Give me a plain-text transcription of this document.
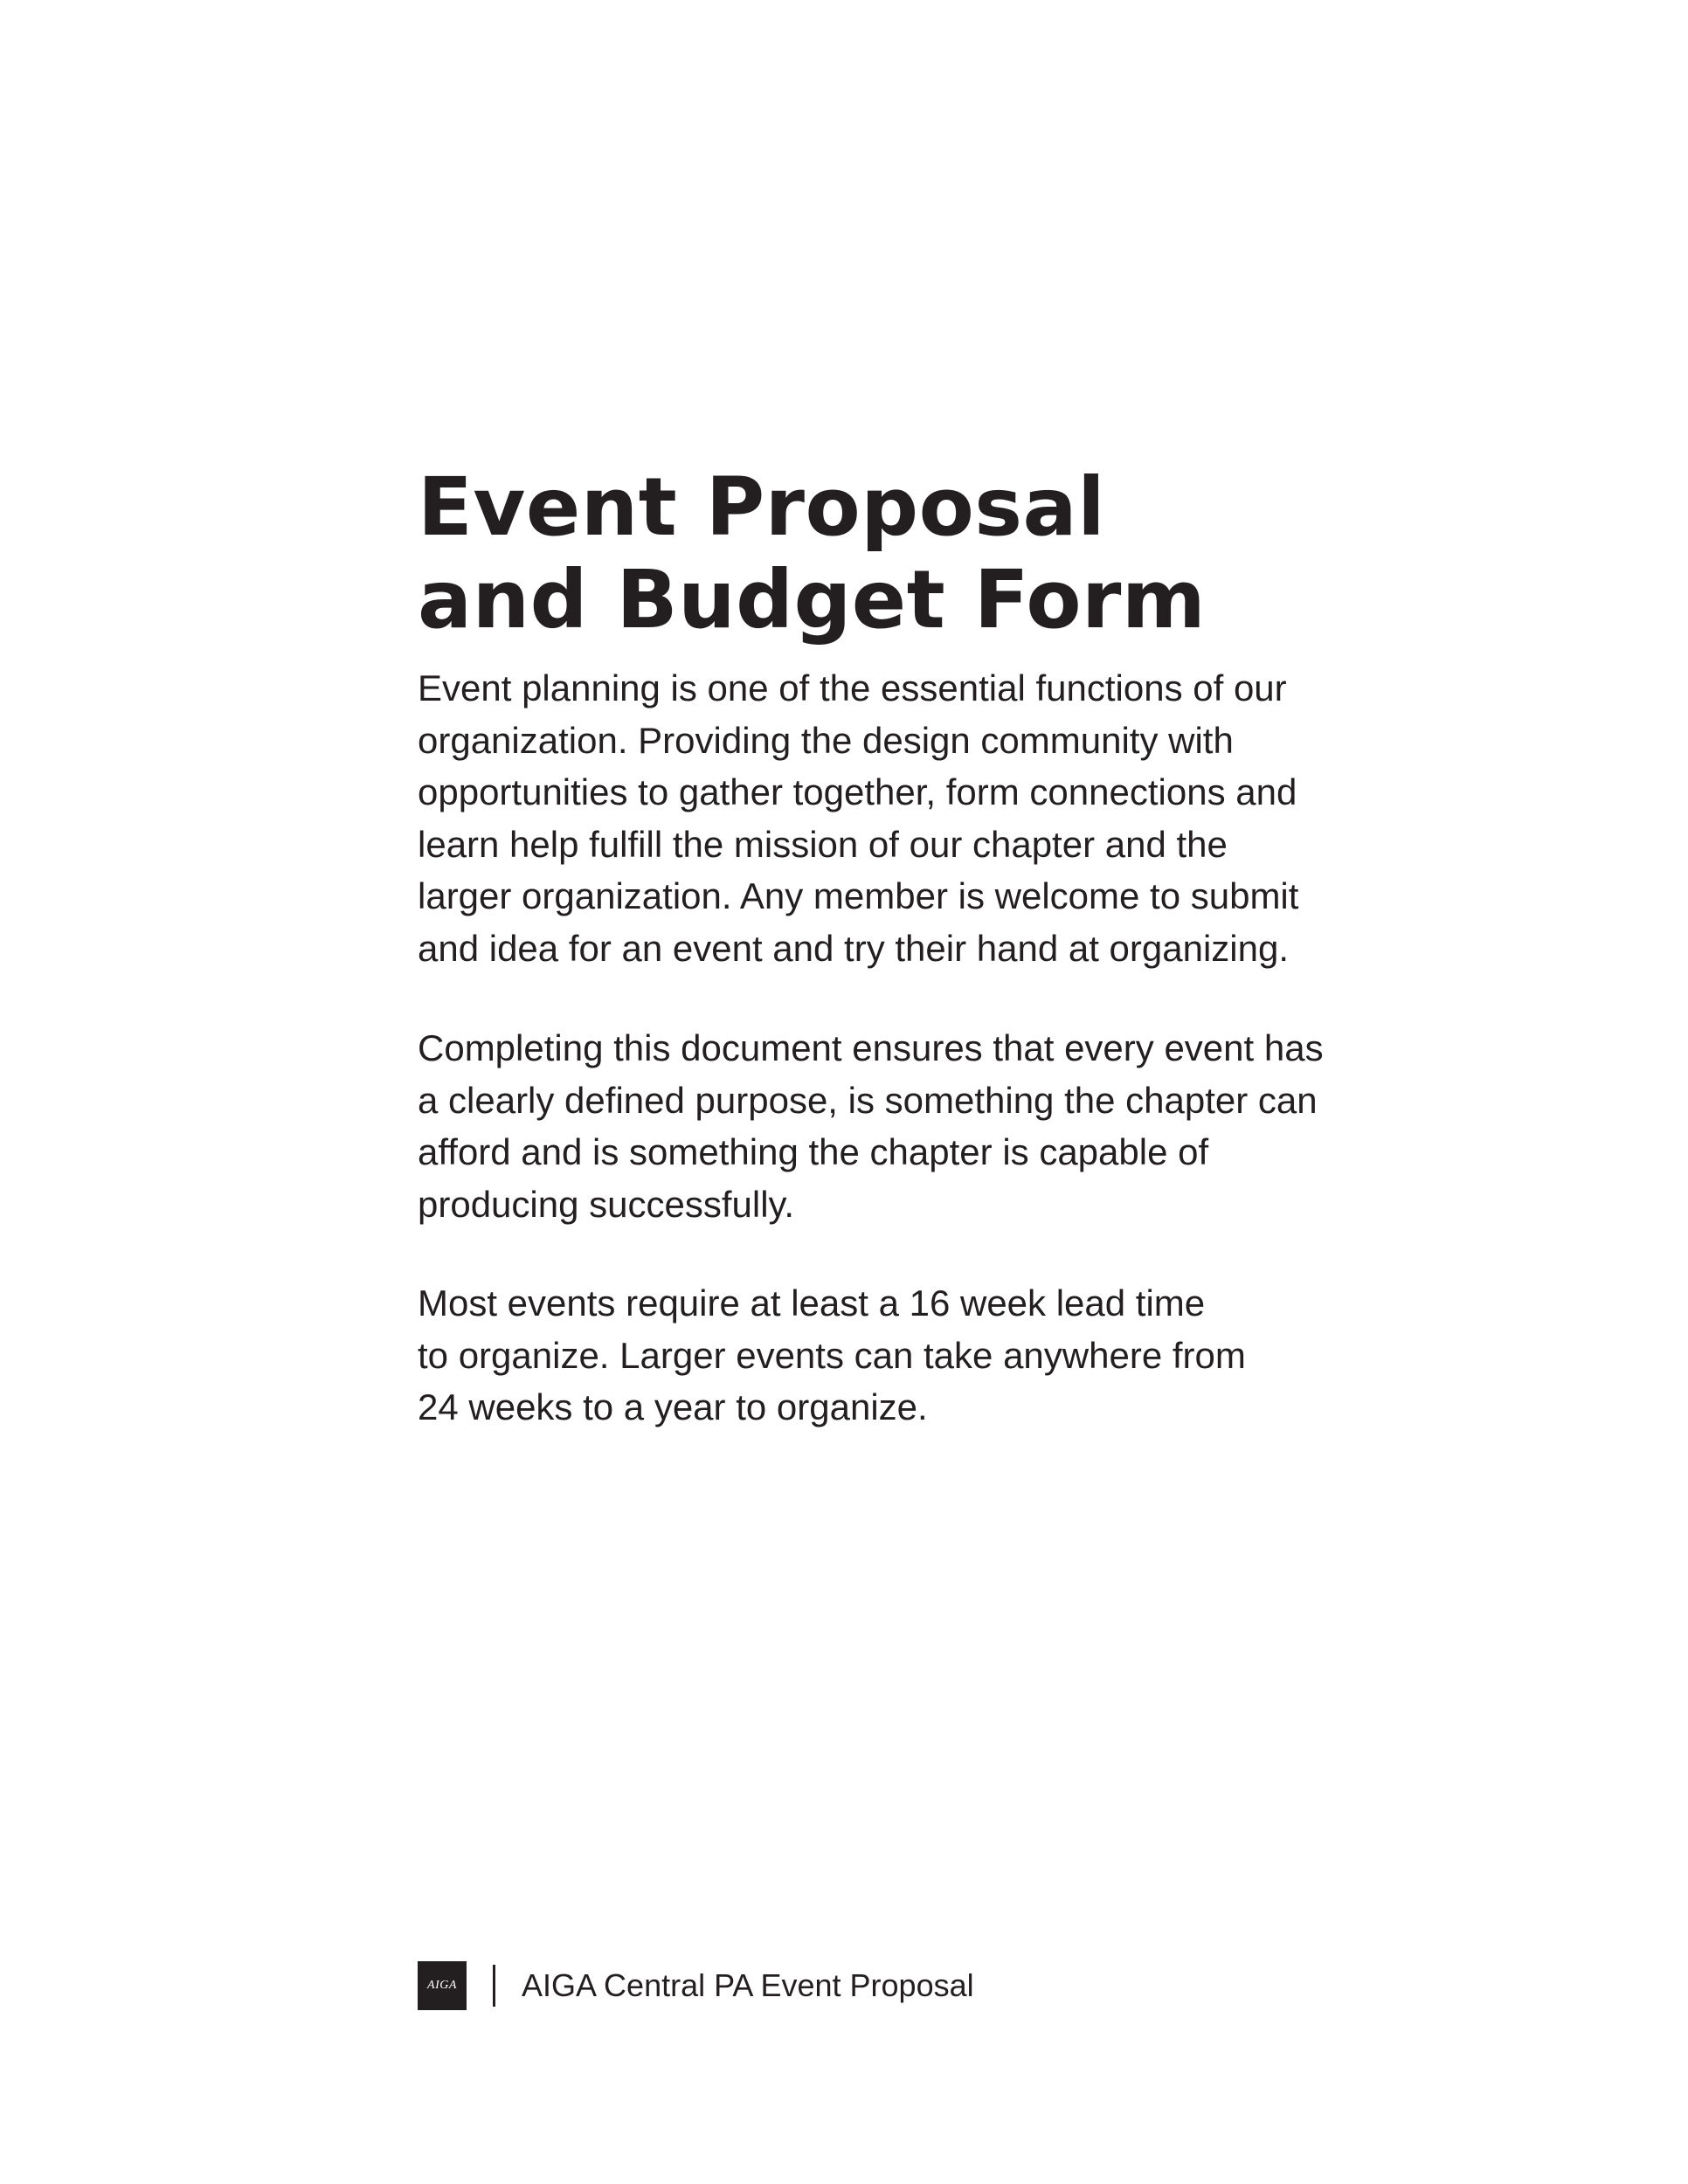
Event Proposal
and Budget Form

Event planning is one of the essential functions of our
organization. Providing the design community with
opportunities to gather together, form connections and
learn help fulfill the mission of our chapter and the
larger organization. Any member is welcome to submit
and idea for an event and try their hand at organizing.

Completing this document ensures that every event has
a clearly defined purpose, is something the chapter can
afford and is something the chapter is capable of
producing successfully.

Most events require at least a 16 week lead time
to organize. Larger events can take anywhere from
24 weeks to a year to organize.

AIGA AIGA Central PA Event Proposal
